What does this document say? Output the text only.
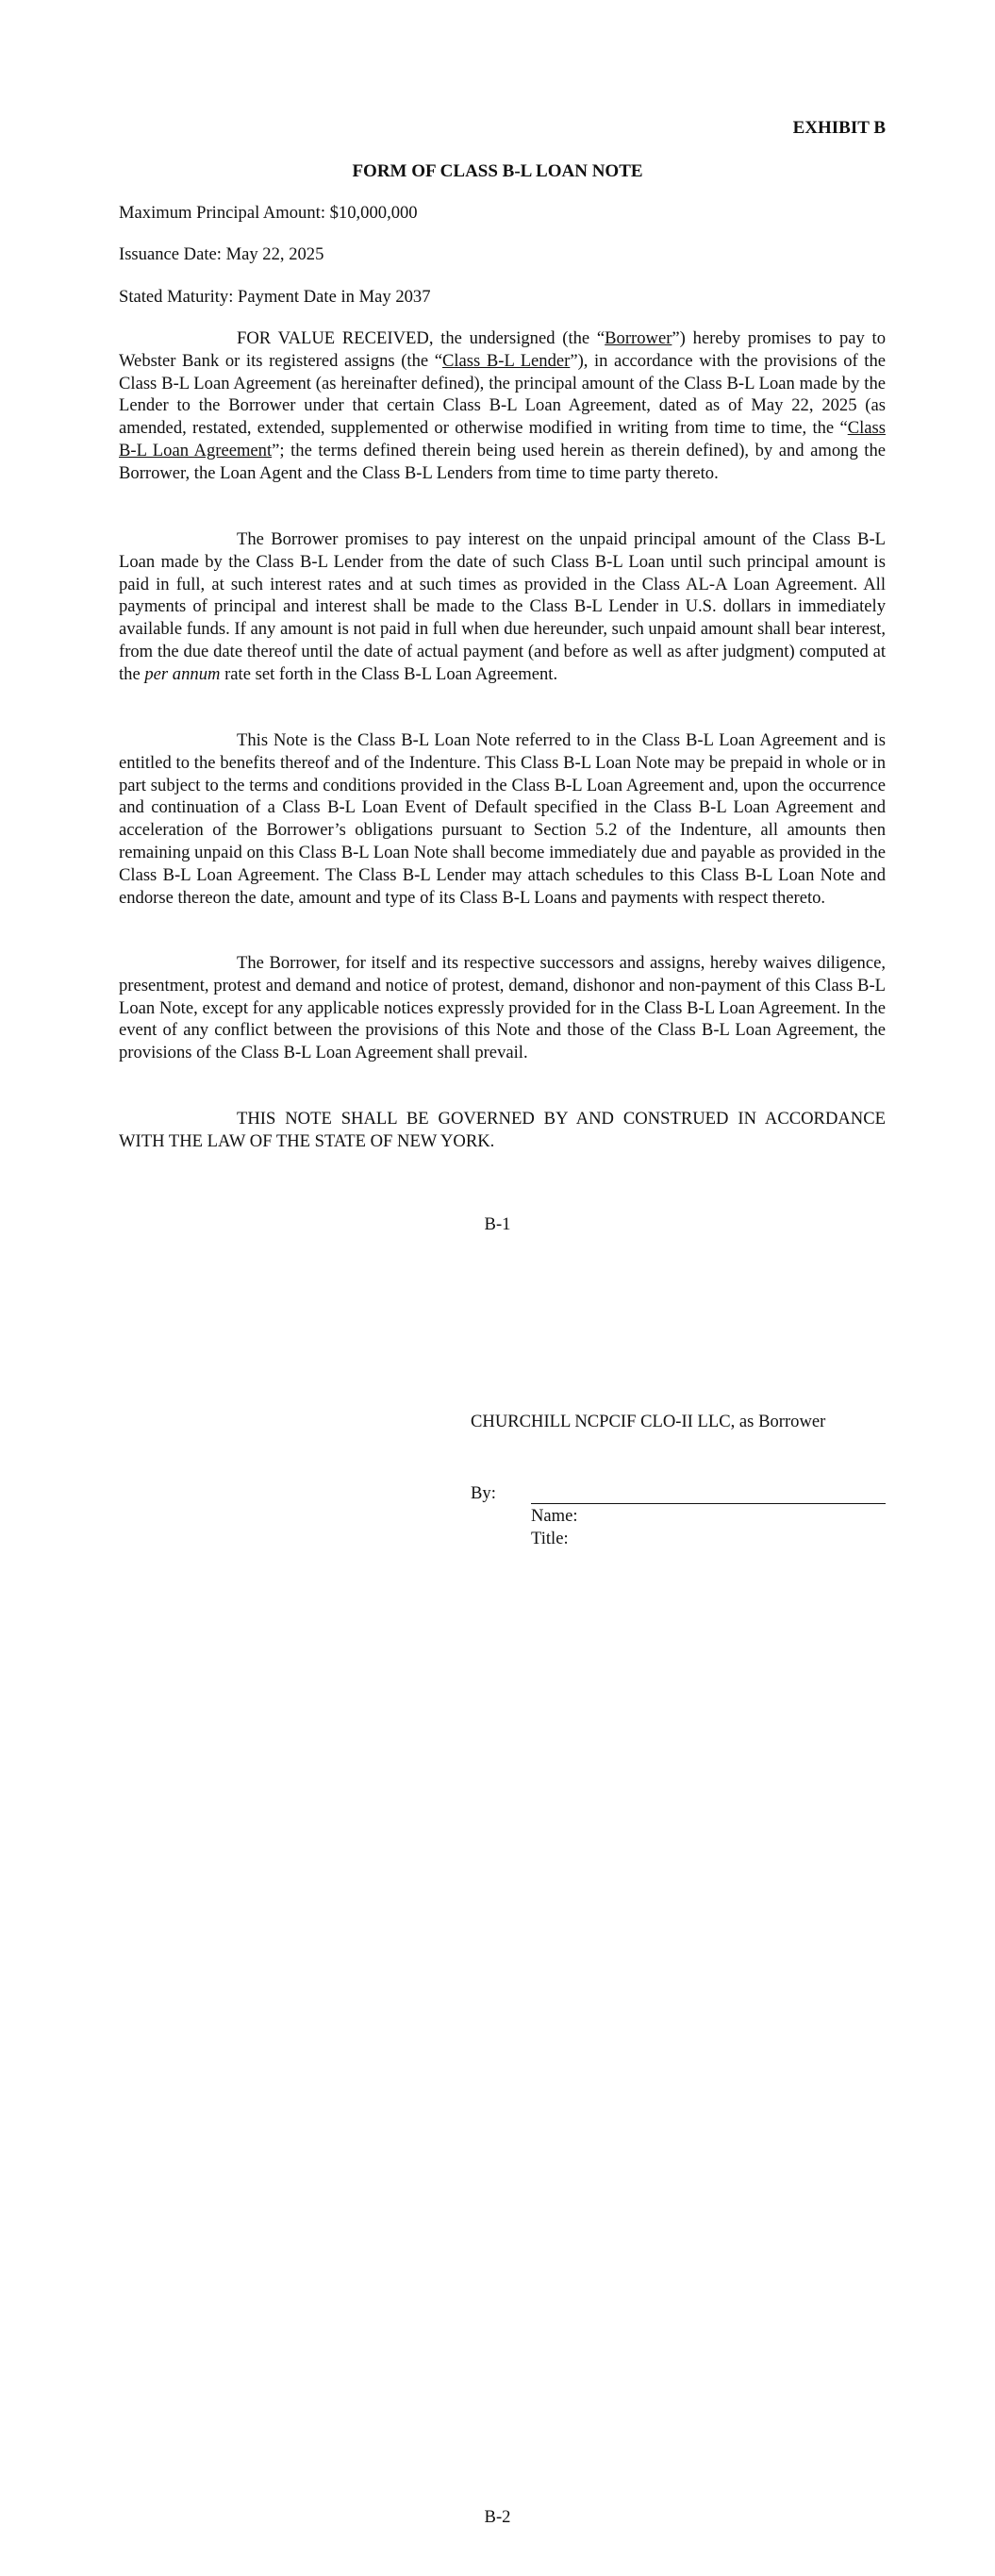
EXHIBIT B
FORM OF CLASS B-L LOAN NOTE
Maximum Principal Amount: $10,000,000
Issuance Date: May 22, 2025
Stated Maturity: Payment Date in May 2037

FOR VALUE RECEIVED, the undersigned (the “Borrower”) hereby promises to pay to Webster Bank or its registered assigns (the “Class B-L Lender”), in accordance with the provisions of the Class B-L Loan Agreement (as hereinafter defined), the principal amount of the Class B-L Loan made by the Lender to the Borrower under that certain Class B-L Loan Agreement, dated as of May 22, 2025 (as amended, restated, extended, supplemented or otherwise modified in writing from time to time, the “Class B-L Loan Agreement”; the terms defined therein being used herein as therein defined), by and among the Borrower, the Loan Agent and the Class B-L Lenders from time to time party thereto.

The Borrower promises to pay interest on the unpaid principal amount of the Class B-L Loan made by the Class B-L Lender from the date of such Class B-L Loan until such principal amount is paid in full, at such interest rates and at such times as provided in the Class AL-A Loan Agreement. All payments of principal and interest shall be made to the Class B-L Lender in U.S. dollars in immediately available funds. If any amount is not paid in full when due hereunder, such unpaid amount shall bear interest, from the due date thereof until the date of actual payment (and before as well as after judgment) computed at the per annum rate set forth in the Class B-L Loan Agreement.

This Note is the Class B-L Loan Note referred to in the Class B-L Loan Agreement and is entitled to the benefits thereof and of the Indenture. This Class B-L Loan Note may be prepaid in whole or in part subject to the terms and conditions provided in the Class B-L Loan Agreement and, upon the occurrence and continuation of a Class B-L Loan Event of Default specified in the Class B-L Loan Agreement and acceleration of the Borrower’s obligations pursuant to Section 5.2 of the Indenture, all amounts then remaining unpaid on this Class B-L Loan Note shall become immediately due and payable as provided in the Class B-L Loan Agreement. The Class B-L Lender may attach schedules to this Class B-L Loan Note and endorse thereon the date, amount and type of its Class B-L Loans and payments with respect thereto.

The Borrower, for itself and its respective successors and assigns, hereby waives diligence, presentment, protest and demand and notice of protest, demand, dishonor and non-payment of this Class B-L Loan Note, except for any applicable notices expressly provided for in the Class B-L Loan Agreement. In the event of any conflict between the provisions of this Note and those of the Class B-L Loan Agreement, the provisions of the Class B-L Loan Agreement shall prevail.

THIS NOTE SHALL BE GOVERNED BY AND CONSTRUED IN ACCORDANCE WITH THE LAW OF THE STATE OF NEW YORK.

B-1
CHURCHILL NCPCIF CLO-II LLC, as Borrower
By:
Name:
Title:
B-2
